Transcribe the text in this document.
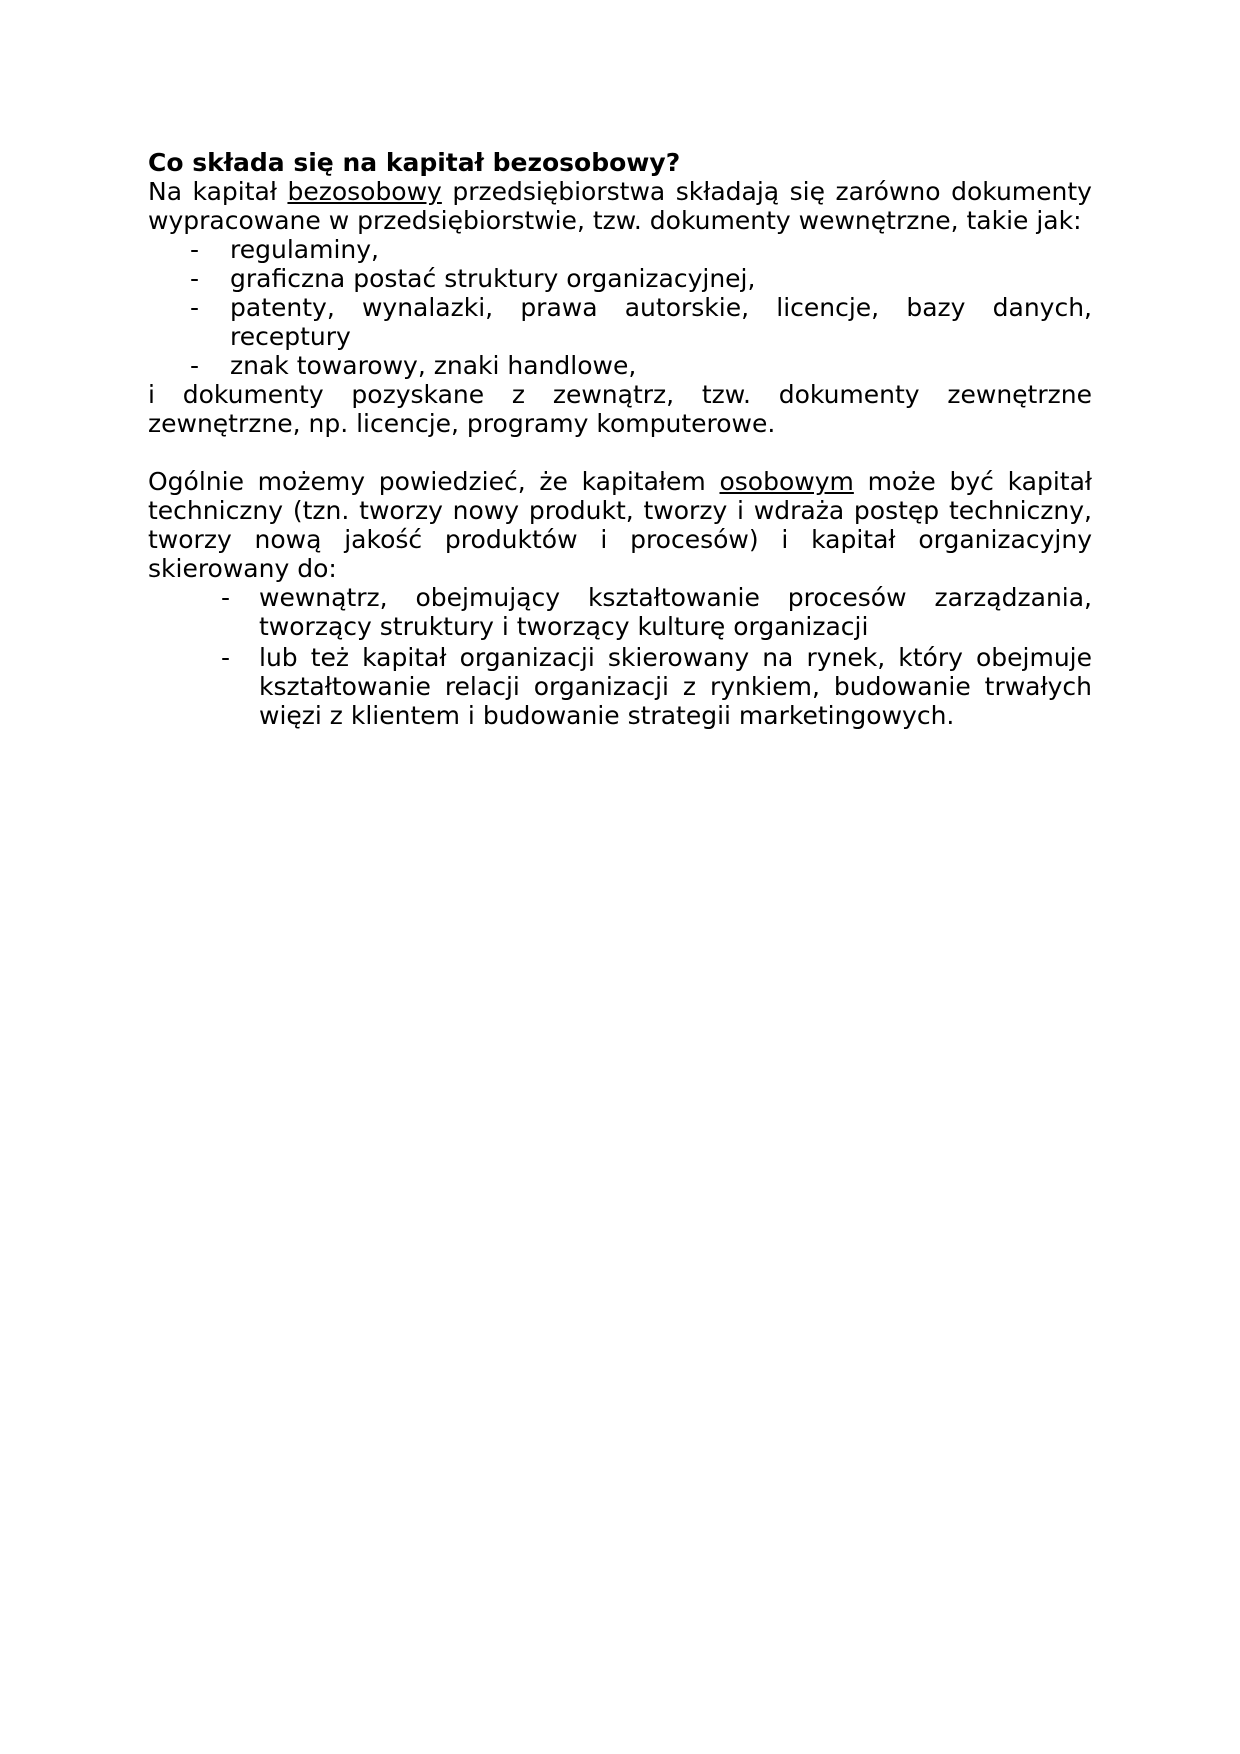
Co składa się na kapitał bezosobowy?

Na kapitał bezosobowy przedsiębiorstwa składają się zarówno dokumenty wypracowane w przedsiębiorstwie, tzw. dokumenty wewnętrzne, takie jak:

- regulaminy,
- graficzna postać struktury organizacyjnej,
- patenty, wynalazki, prawa autorskie, licencje, bazy danych, receptury
- znak towarowy, znaki handlowe,

i dokumenty pozyskane z zewnątrz, tzw. dokumenty zewnętrzne zewnętrzne, np. licencje, programy komputerowe.

Ogólnie możemy powiedzieć, że kapitałem osobowym może być kapitał techniczny (tzn. tworzy nowy produkt, tworzy i wdraża postęp techniczny, tworzy nową jakość produktów i procesów) i kapitał organizacyjny skierowany do:

- wewnątrz, obejmujący kształtowanie procesów zarządzania, tworzący struktury i tworzący kulturę organizacji
- lub też kapitał organizacji skierowany na rynek, który obejmuje kształtowanie relacji organizacji z rynkiem, budowanie trwałych więzi z klientem i budowanie strategii marketingowych.
